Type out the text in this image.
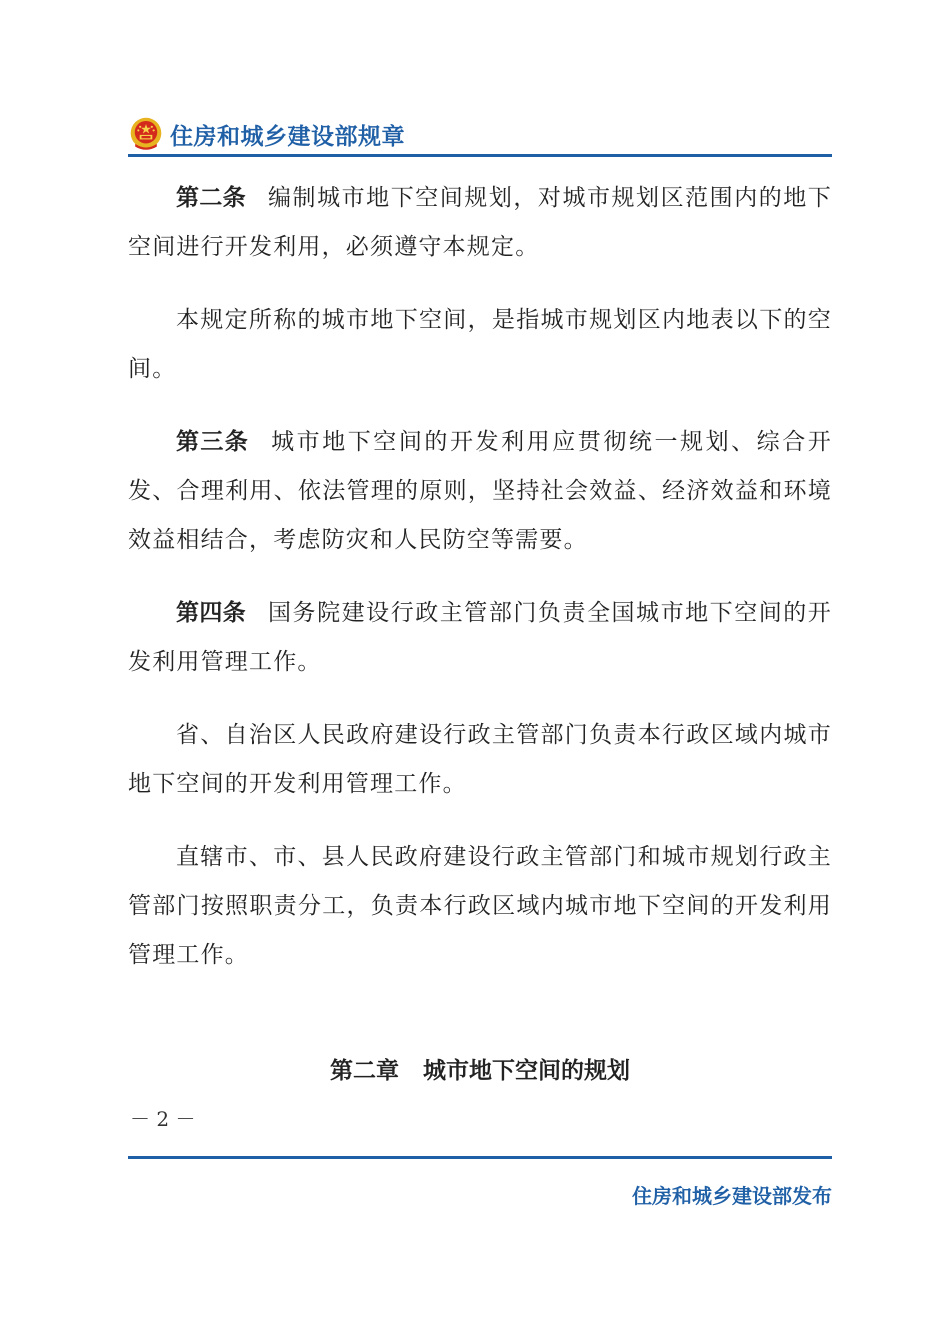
住房和城乡建设部规章

第二条 编制城市地下空间规划，对城市规划区范围内的地下空间进行开发利用，必须遵守本规定。

本规定所称的城市地下空间，是指城市规划区内地表以下的空间。

第三条 城市地下空间的开发利用应贯彻统一规划、综合开发、合理利用、依法管理的原则，坚持社会效益、经济效益和环境效益相结合，考虑防灾和人民防空等需要。

第四条 国务院建设行政主管部门负责全国城市地下空间的开发利用管理工作。

省、自治区人民政府建设行政主管部门负责本行政区域内城市地下空间的开发利用管理工作。

直辖市、市、县人民政府建设行政主管部门和城市规划行政主管部门按照职责分工，负责本行政区域内城市地下空间的开发利用管理工作。

第二章 城市地下空间的规划
－ 2 －
住房和城乡建设部发布
